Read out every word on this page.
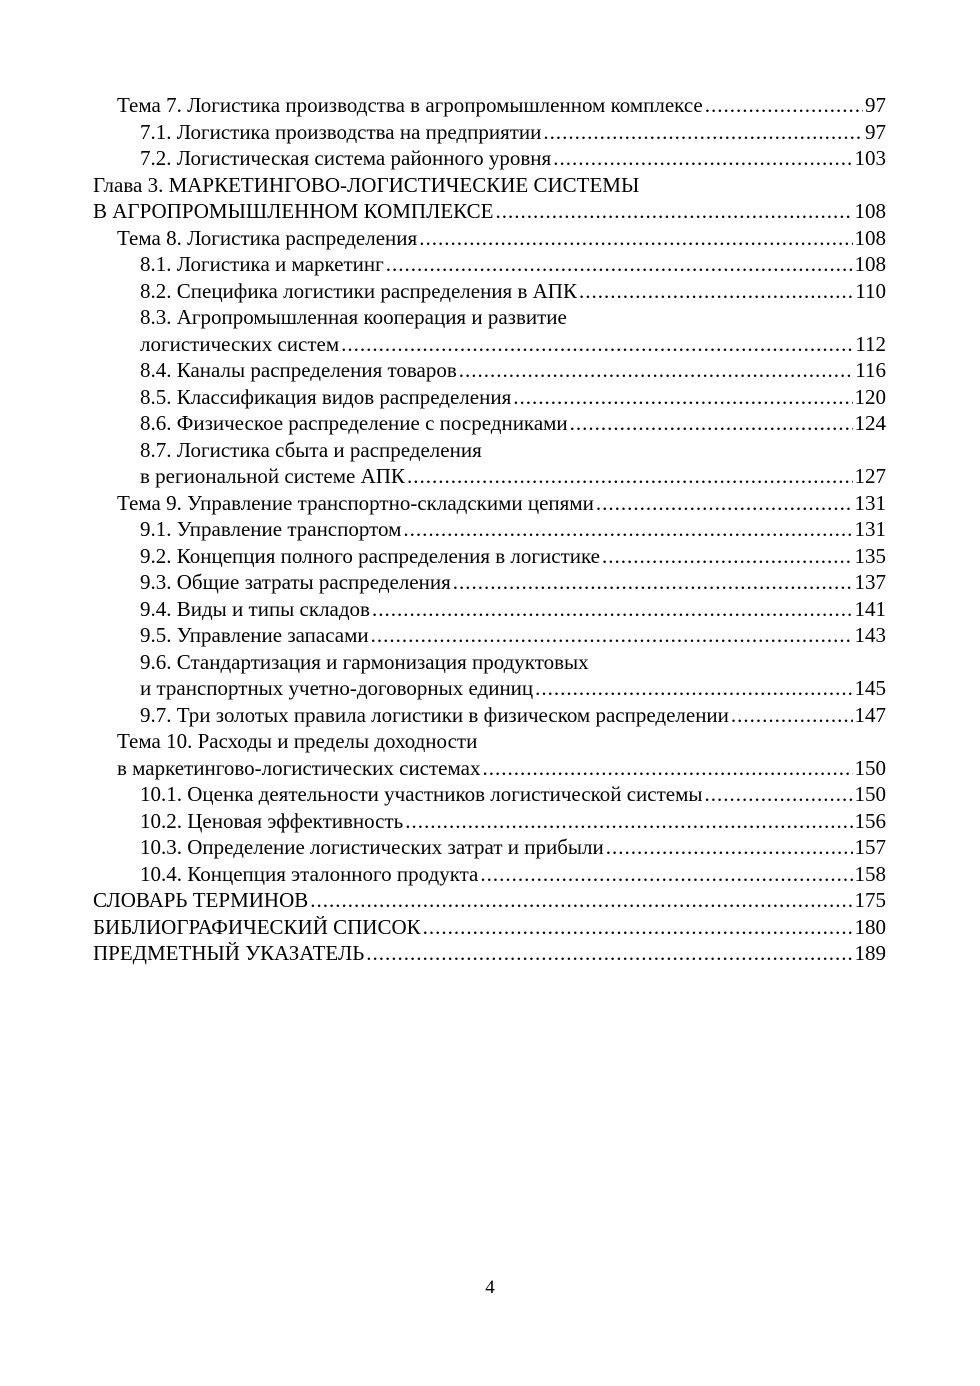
Тема 7. Логистика производства в агропромышленном комплексе .....	97
7.1. Логистика производства на предприятии .....	97
7.2. Логистическая система районного уровня .....	103
Глава 3. МАРКЕТИНГОВО-ЛОГИСТИЧЕСКИЕ СИСТЕМЫ
В АГРОПРОМЫШЛЕННОМ КОМПЛЕКСЕ .....	108
Тема 8. Логистика распределения .....	108
8.1. Логистика и маркетинг .....	108
8.2. Специфика логистики распределения в АПК .....	110
8.3. Агропромышленная кооперация и развитие
логистических систем .....	112
8.4. Каналы распределения товаров .....	116
8.5. Классификация видов распределения .....	120
8.6. Физическое распределение с посредниками .....	124
8.7. Логистика сбыта и распределения
в региональной системе АПК .....	127
Тема 9. Управление транспортно-складскими цепями .....	131
9.1. Управление транспортом .....	131
9.2. Концепция полного распределения в логистике .....	135
9.3. Общие затраты распределения .....	137
9.4. Виды и типы складов .....	141
9.5. Управление запасами .....	143
9.6. Стандартизация и гармонизация продуктовых
и транспортных учетно-договорных единиц .....	145
9.7. Три золотых правила логистики в физическом распределении .....	147
Тема 10. Расходы и пределы доходности
в маркетингово-логистических системах .....	150
10.1. Оценка деятельности участников логистической системы .....	150
10.2. Ценовая эффективность .....	156
10.3. Определение логистических затрат и прибыли .....	157
10.4. Концепция эталонного продукта .....	158
СЛОВАРЬ ТЕРМИНОВ .....	175
БИБЛИОГРАФИЧЕСКИЙ СПИСОК .....	180
ПРЕДМЕТНЫЙ УКАЗАТЕЛЬ .....	189
4
